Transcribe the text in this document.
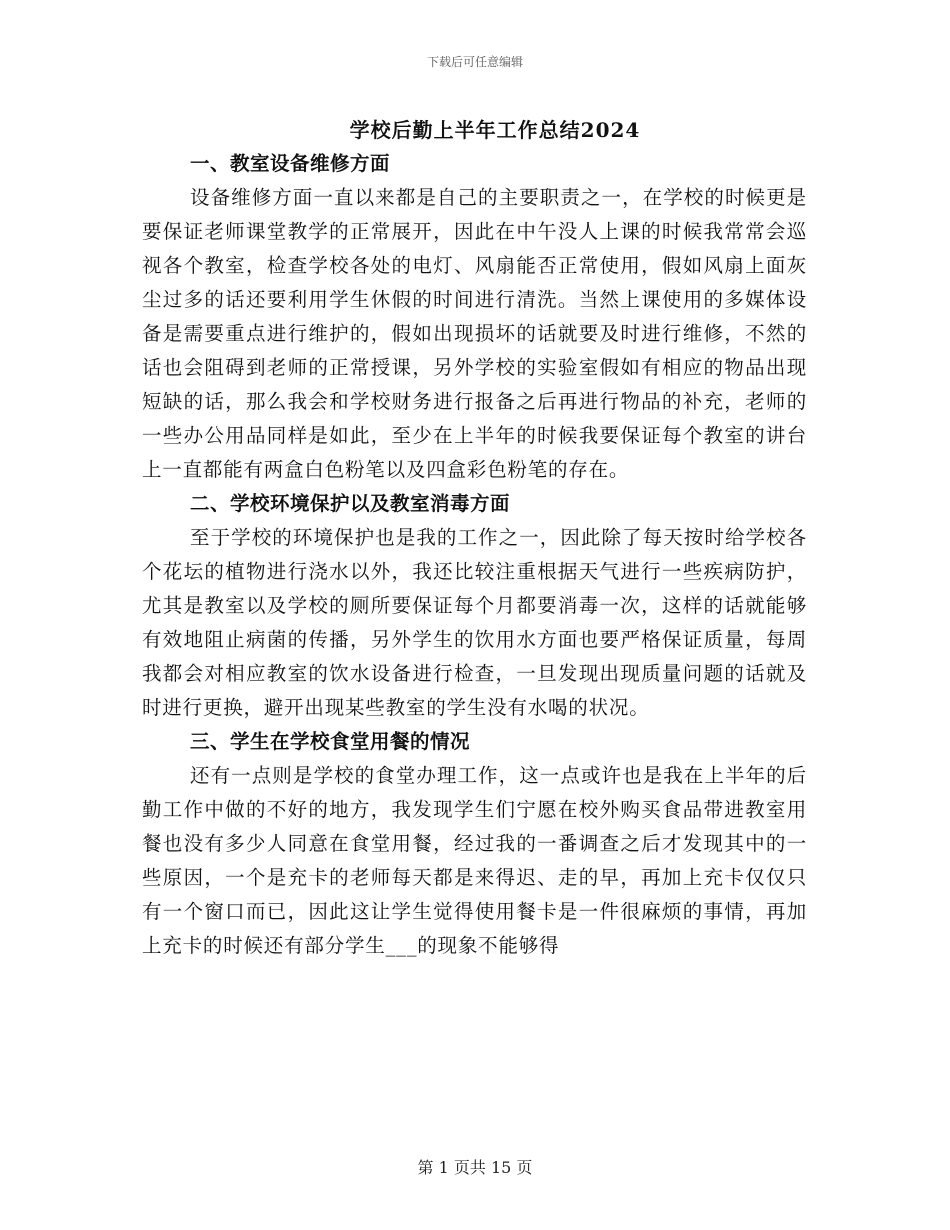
下载后可任意编辑
学校后勤上半年工作总结2024

一、教室设备维修方面

设备维修方面一直以来都是自己的主要职责之一，在学校的时候更是要保证老师课堂教学的正常展开，因此在中午没人上课的时候我常常会巡视各个教室，检查学校各处的电灯、风扇能否正常使用，假如风扇上面灰尘过多的话还要利用学生休假的时间进行清洗。当然上课使用的多媒体设备是需要重点进行维护的，假如出现损坏的话就要及时进行维修，不然的话也会阻碍到老师的正常授课，另外学校的实验室假如有相应的物品出现短缺的话，那么我会和学校财务进行报备之后再进行物品的补充，老师的一些办公用品同样是如此，至少在上半年的时候我要保证每个教室的讲台上一直都能有两盒白色粉笔以及四盒彩色粉笔的存在。

二、学校环境保护以及教室消毒方面

至于学校的环境保护也是我的工作之一，因此除了每天按时给学校各个花坛的植物进行浇水以外，我还比较注重根据天气进行一些疾病防护，尤其是教室以及学校的厕所要保证每个月都要消毒一次，这样的话就能够有效地阻止病菌的传播，另外学生的饮用水方面也要严格保证质量，每周我都会对相应教室的饮水设备进行检查，一旦发现出现质量问题的话就及时进行更换，避开出现某些教室的学生没有水喝的状况。

三、学生在学校食堂用餐的情况

还有一点则是学校的食堂办理工作，这一点或许也是我在上半年的后勤工作中做的不好的地方，我发现学生们宁愿在校外购买食品带进教室用餐也没有多少人同意在食堂用餐，经过我的一番调查之后才发现其中的一些原因，一个是充卡的老师每天都是来得迟、走的早，再加上充卡仅仅只有一个窗口而已，因此这让学生觉得使用餐卡是一件很麻烦的事情，再加上充卡的时候还有部分学生___的现象不能够得

第 1 页共 15 页
